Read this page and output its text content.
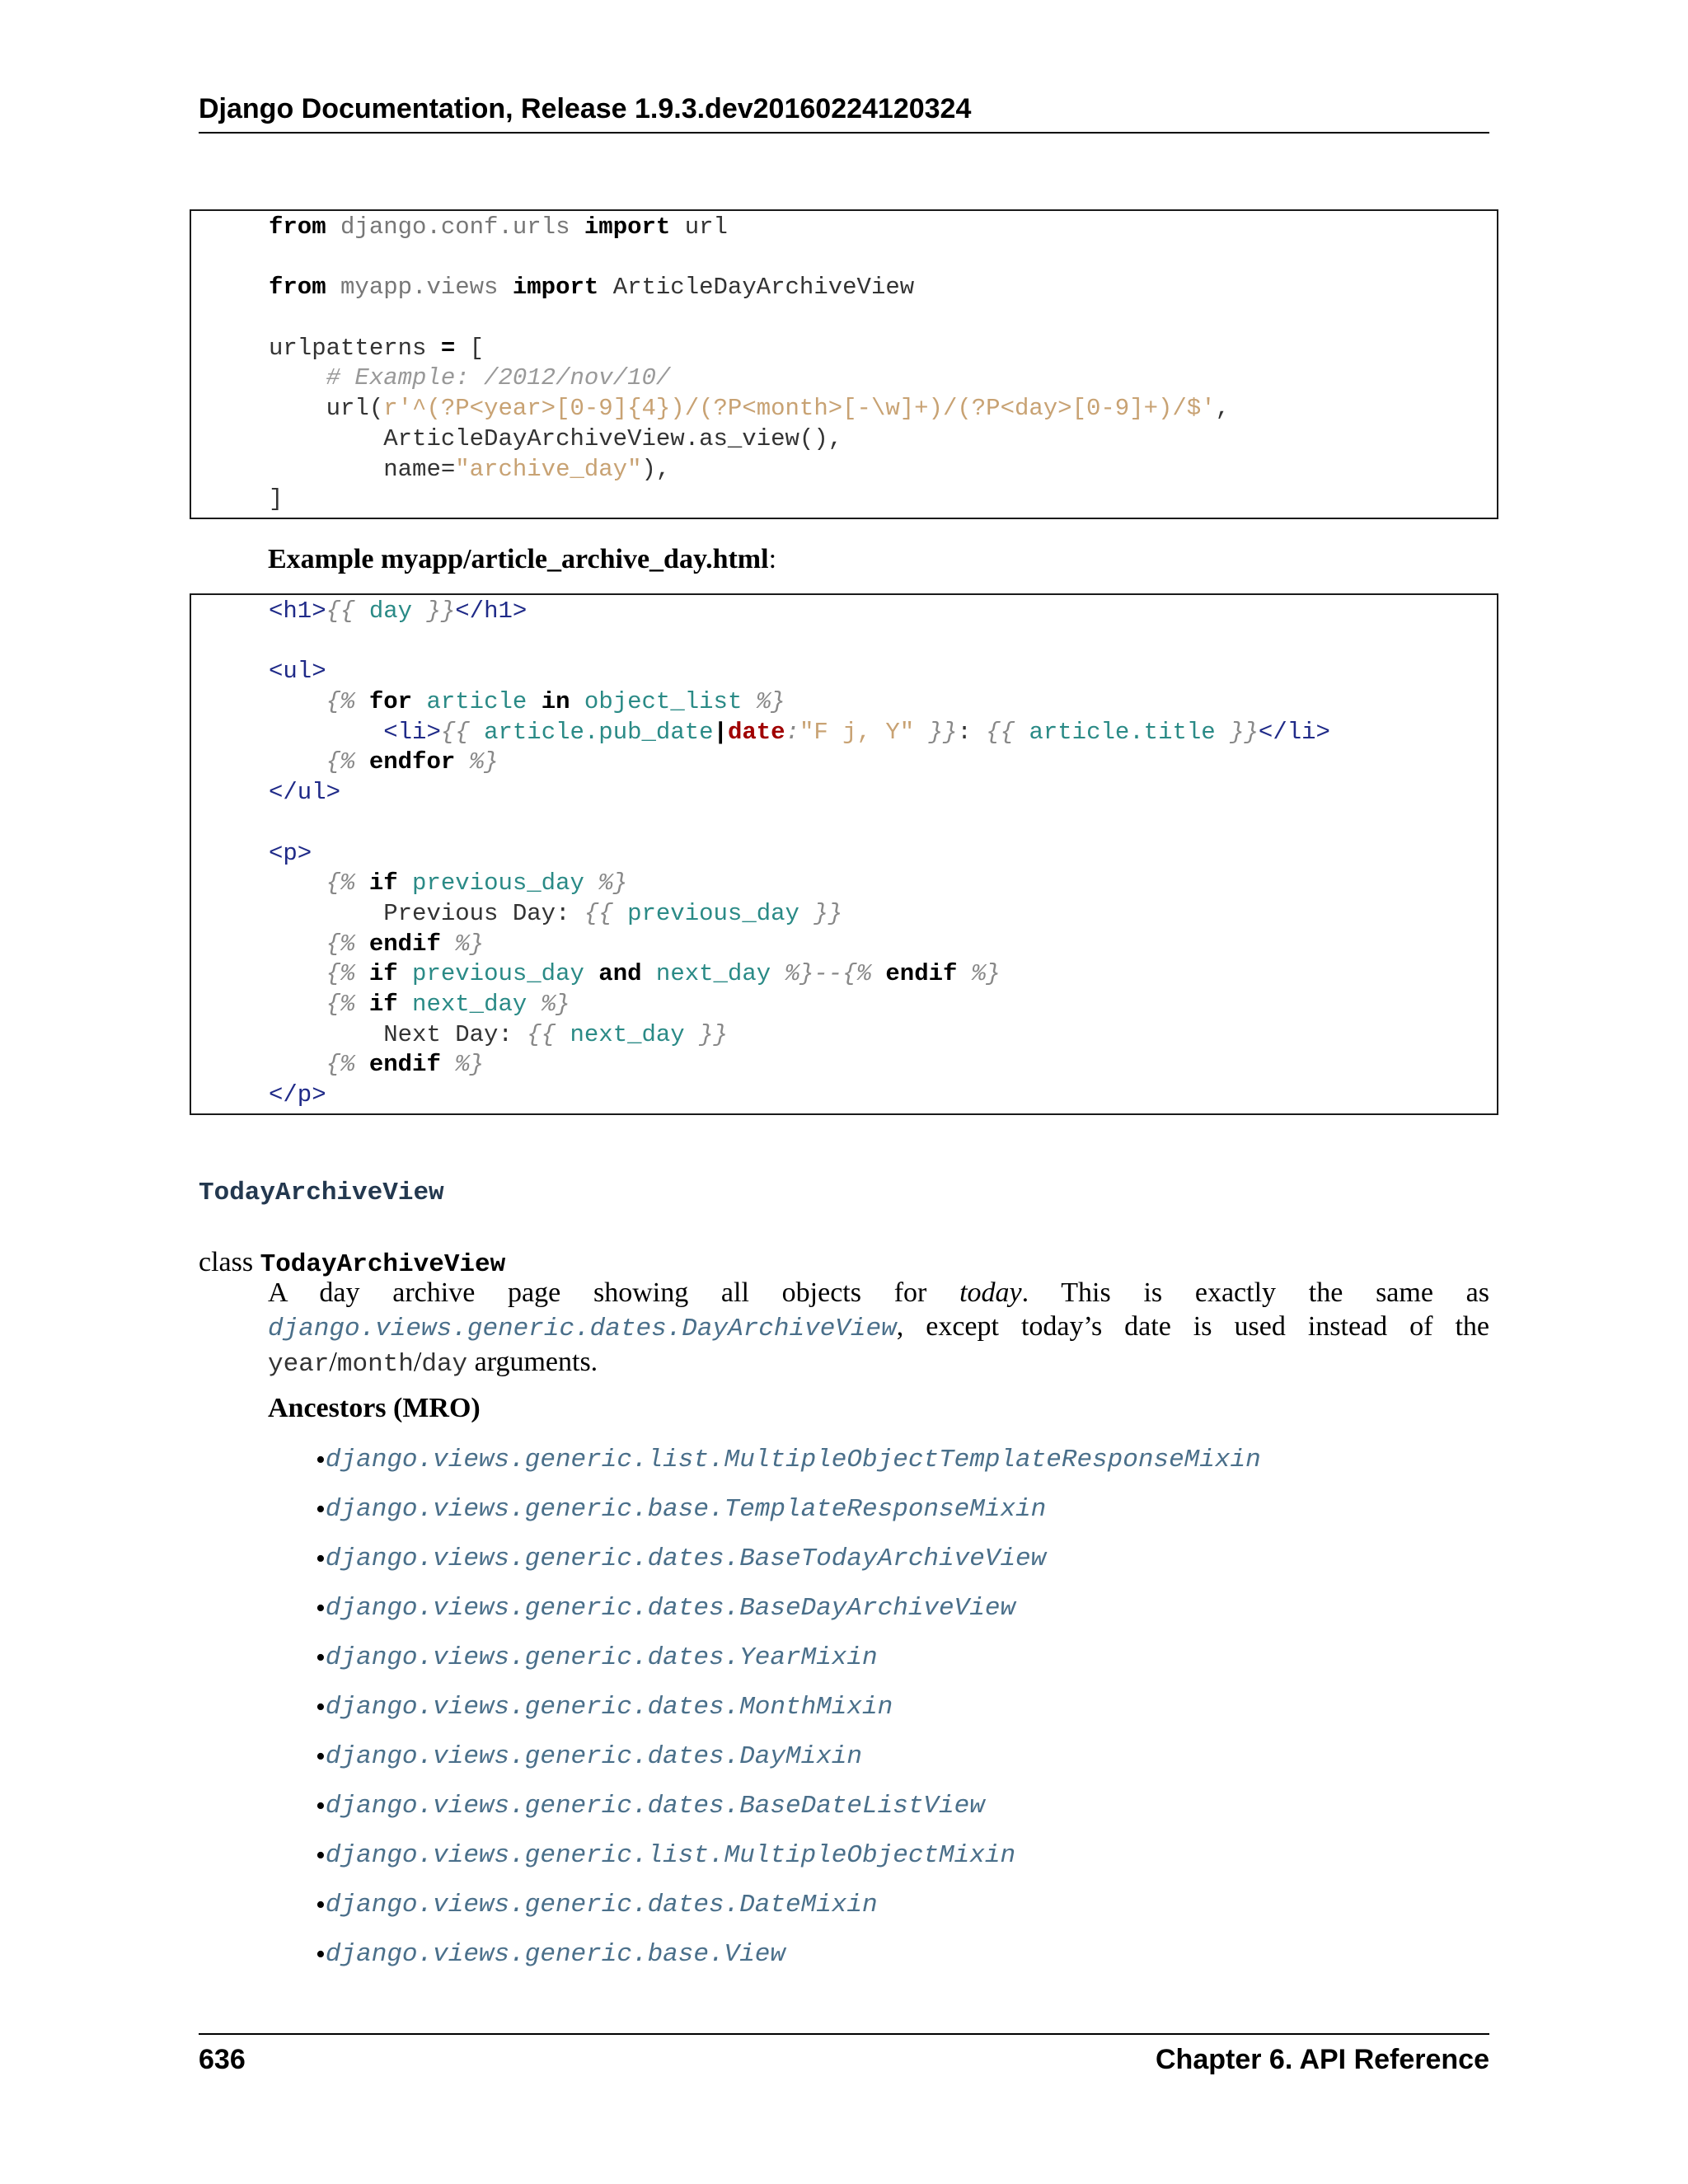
Django Documentation, Release 1.9.3.dev20160224120324
from django.conf.urls import url
from myapp.views import ArticleDayArchiveView
urlpatterns = [
# Example: /2012/nov/10/
url(r'^(?P<year>[0-9]{4})/(?P<month>[-\w]+)/(?P<day>[0-9]+)/$',
ArticleDayArchiveView.as_view(),
name="archive_day"),
]
Example myapp/article_archive_day.html:
<h1>{{ day }}</h1>
<ul>
{% for article in object_list %}
<li>{{ article.pub_date|date:"F j, Y" }}: {{ article.title }}</li>
{% endfor %}
</ul>
<p>
{% if previous_day %}
Previous Day: {{ previous_day }}
{% endif %}
{% if previous_day and next_day %}--{% endif %}
{% if next_day %}
Next Day: {{ next_day }}
{% endif %}
</p>
TodayArchiveView
class TodayArchiveView
A day archive page showing all objects for today. This is exactly the same as
django.views.generic.dates.DayArchiveView, except today’s date is used instead of the
year/month/day arguments.
Ancestors (MRO)
• django.views.generic.list.MultipleObjectTemplateResponseMixin
• django.views.generic.base.TemplateResponseMixin
• django.views.generic.dates.BaseTodayArchiveView
• django.views.generic.dates.BaseDayArchiveView
• django.views.generic.dates.YearMixin
• django.views.generic.dates.MonthMixin
• django.views.generic.dates.DayMixin
• django.views.generic.dates.BaseDateListView
• django.views.generic.list.MultipleObjectMixin
• django.views.generic.dates.DateMixin
• django.views.generic.base.View
636	Chapter 6. API Reference
